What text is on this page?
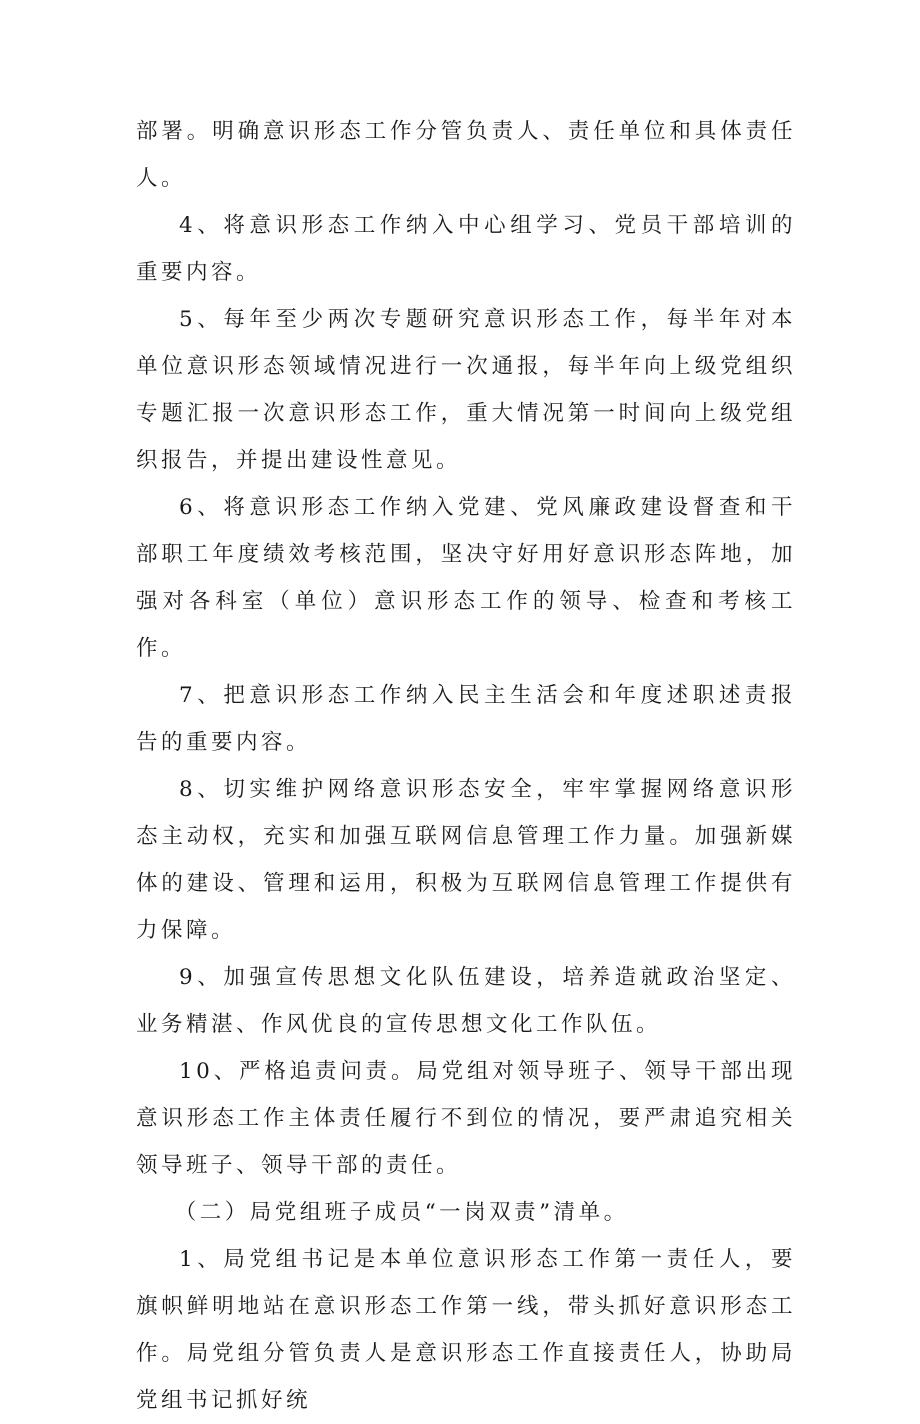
部署。明确意识形态工作分管负责人、责任单位和具体责任人。

4、将意识形态工作纳入中心组学习、党员干部培训的重要内容。

5、每年至少两次专题研究意识形态工作，每半年对本单位意识形态领域情况进行一次通报，每半年向上级党组织专题汇报一次意识形态工作，重大情况第一时间向上级党组织报告，并提出建设性意见。

6、将意识形态工作纳入党建、党风廉政建设督查和干部职工年度绩效考核范围，坚决守好用好意识形态阵地，加强对各科室（单位）意识形态工作的领导、检查和考核工作。

7、把意识形态工作纳入民主生活会和年度述职述责报告的重要内容。

8、切实维护网络意识形态安全，牢牢掌握网络意识形态主动权，充实和加强互联网信息管理工作力量。加强新媒体的建设、管理和运用，积极为互联网信息管理工作提供有力保障。

9、加强宣传思想文化队伍建设，培养造就政治坚定、业务精湛、作风优良的宣传思想文化工作队伍。

10、严格追责问责。局党组对领导班子、领导干部出现意识形态工作主体责任履行不到位的情况，要严肃追究相关领导班子、领导干部的责任。

（二）局党组班子成员“一岗双责”清单。

1、局党组书记是本单位意识形态工作第一责任人，要旗帜鲜明地站在意识形态工作第一线，带头抓好意识形态工作。局党组分管负责人是意识形态工作直接责任人，协助局党组书记抓好统
